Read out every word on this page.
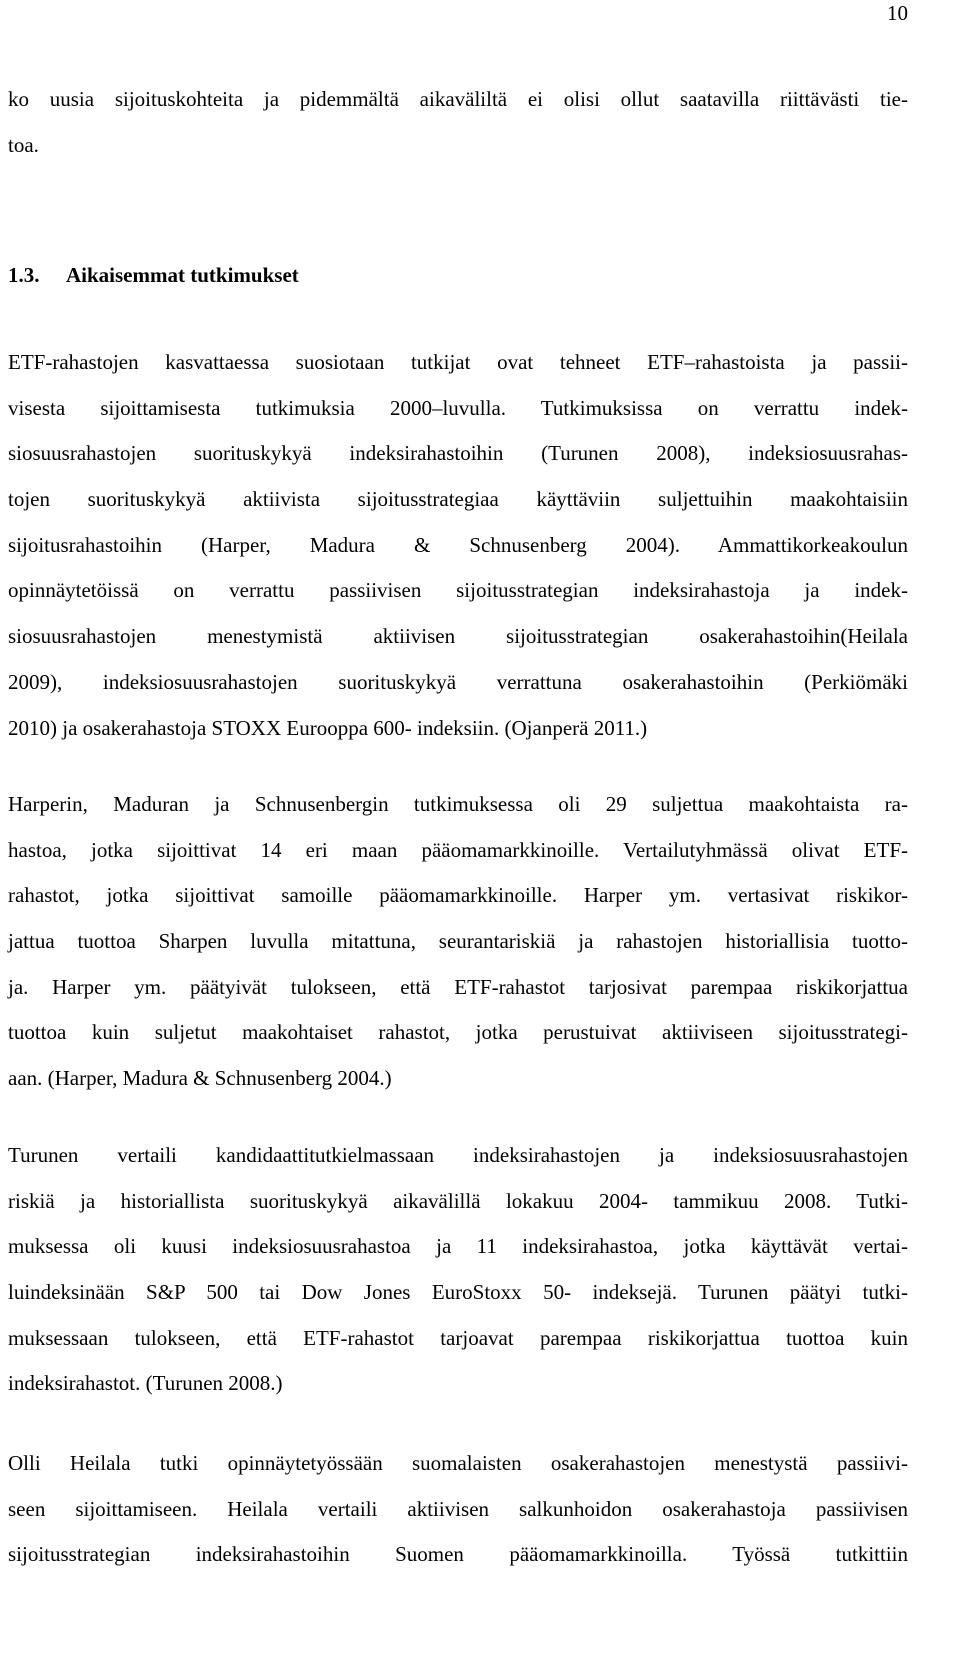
10
ko uusia sijoituskohteita ja pidemmältä aikaväliltä ei olisi ollut saatavilla riittävästi tie-
toa.
1.3. Aikaisemmat tutkimukset
ETF-rahastojen kasvattaessa suosiotaan tutkijat ovat tehneet ETF–rahastoista ja passii-
visesta sijoittamisesta tutkimuksia 2000–luvulla. Tutkimuksissa on verrattu indek-
siosuusrahastojen suorituskykyä indeksirahastoihin (Turunen 2008), indeksiosuusrahas-
tojen suorituskykyä aktiivista sijoitusstrategiaa käyttäviin suljettuihin maakohtaisiin
sijoitusrahastoihin (Harper, Madura & Schnusenberg 2004). Ammattikorkeakoulun
opinnäytetöissä on verrattu passiivisen sijoitusstrategian indeksirahastoja ja indek-
siosuusrahastojen menestymistä aktiivisen sijoitusstrategian osakerahastoihin(Heilala
2009), indeksiosuusrahastojen suorituskykyä verrattuna osakerahastoihin (Perkiömäki
2010) ja osakerahastoja STOXX Eurooppa 600- indeksiin. (Ojanperä 2011.)
Harperin, Maduran ja Schnusenbergin tutkimuksessa oli 29 suljettua maakohtaista ra-
hastoa, jotka sijoittivat 14 eri maan pääomamarkkinoille. Vertailutyhmässä olivat ETF-
rahastot, jotka sijoittivat samoille pääomamarkkinoille. Harper ym. vertasivat riskikor-
jattua tuottoa Sharpen luvulla mitattuna, seurantariskiä ja rahastojen historiallisia tuotto-
ja. Harper ym. päätyivät tulokseen, että ETF-rahastot tarjosivat parempaa riskikorjattua
tuottoa kuin suljetut maakohtaiset rahastot, jotka perustuivat aktiiviseen sijoitusstrategi-
aan. (Harper, Madura & Schnusenberg 2004.)
Turunen vertaili kandidaattitutkielmassaan indeksirahastojen ja indeksiosuusrahastojen
riskiä ja historiallista suorituskykyä aikavälillä lokakuu 2004- tammikuu 2008. Tutki-
muksessa oli kuusi indeksiosuusrahastoa ja 11 indeksirahastoa, jotka käyttävät vertai-
luindeksinään S&P 500 tai Dow Jones EuroStoxx 50- indeksejä. Turunen päätyi tutki-
muksessaan tulokseen, että ETF-rahastot tarjoavat parempaa riskikorjattua tuottoa kuin
indeksirahastot. (Turunen 2008.)
Olli Heilala tutki opinnäytetyössään suomalaisten osakerahastojen menestystä passiivi-
seen sijoittamiseen. Heilala vertaili aktiivisen salkunhoidon osakerahastoja passiivisen
sijoitusstrategian indeksirahastoihin Suomen pääomamarkkinoilla. Työssä tutkittiin
